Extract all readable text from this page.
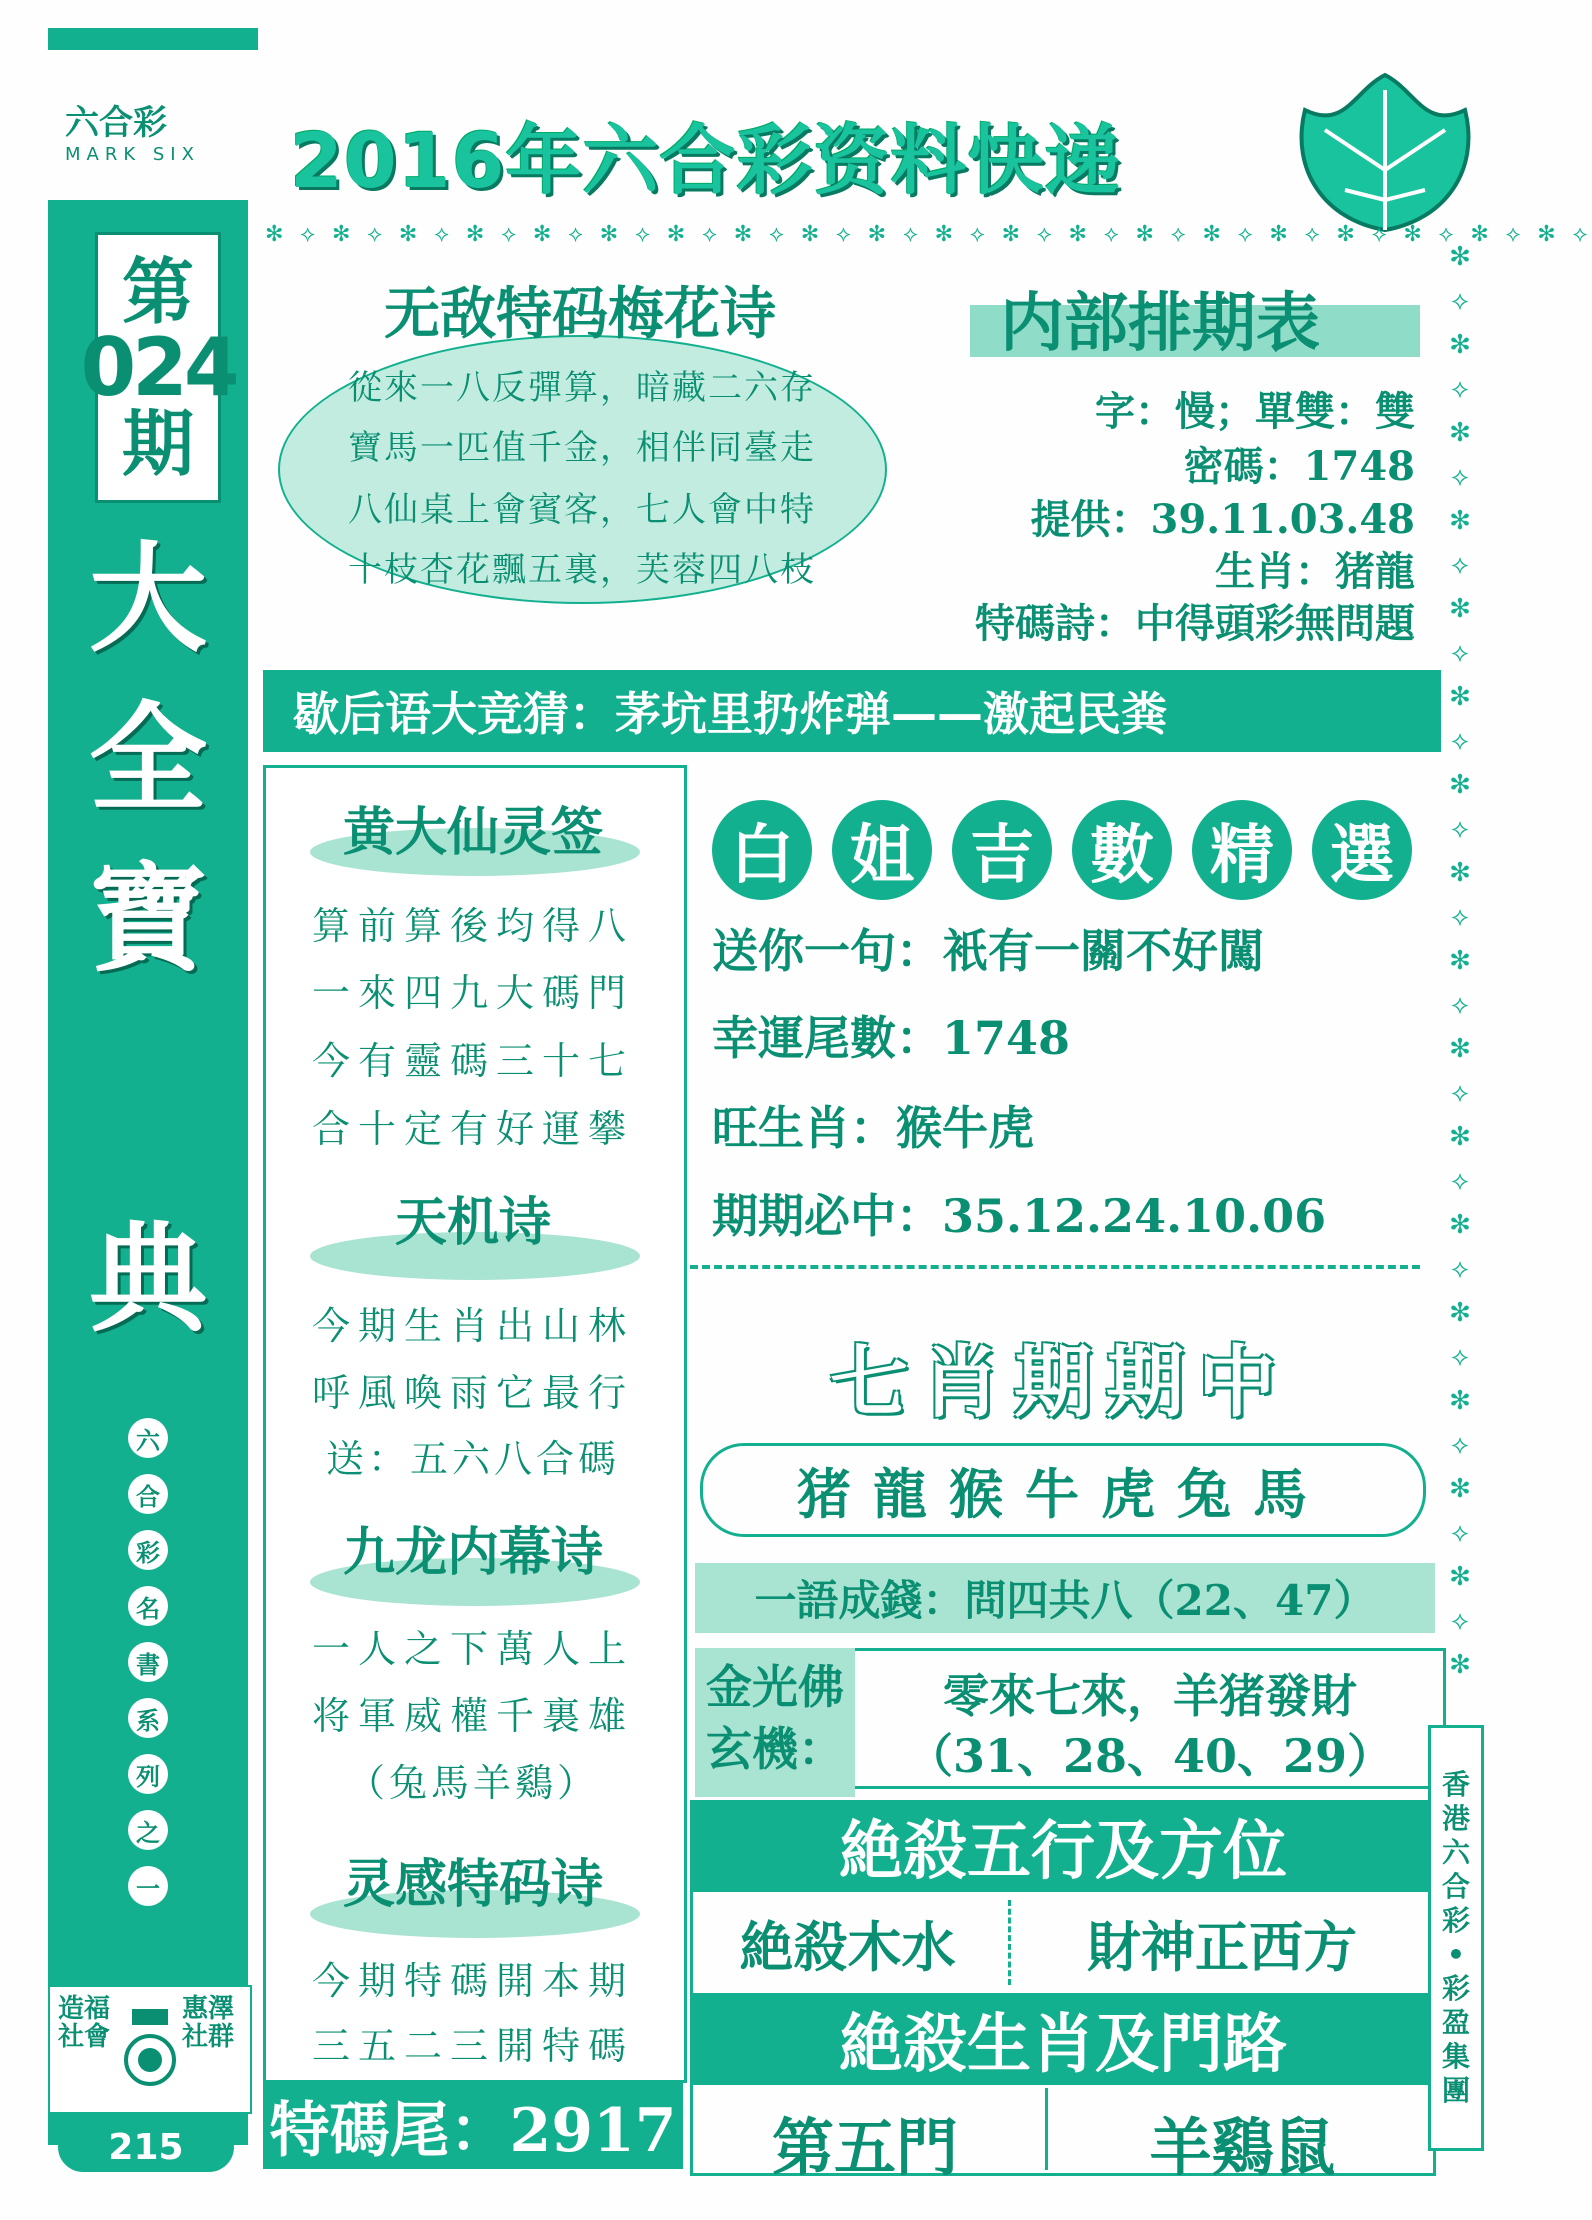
六合彩
MARK SIX
第
024
期
大
全
寶
典
六
合
彩
名
書
系
列
之
一
造福社會
惠澤社群
215
2016年六合彩资料快递
✻ ⟡ ✻ ⟡ ✻ ⟡ ✻ ⟡ ✻ ⟡ ✻ ⟡ ✻ ⟡ ✻ ⟡ ✻ ⟡ ✻ ⟡ ✻ ⟡ ✻ ⟡ ✻ ⟡ ✻ ⟡ ✻ ⟡ ✻ ⟡ ✻ ⟡ ✻ ⟡ ✻ ⟡ ✻ ⟡
✻
⟡
✻
⟡
✻
⟡
✻
⟡
✻
⟡
✻
⟡
✻
⟡
✻
⟡
✻
⟡
✻
⟡
✻
⟡
✻
⟡
✻
⟡
✻
⟡
✻
⟡
✻
⟡
✻
无敌特码梅花诗
從來一八反彈算，暗藏二六存
寶馬一匹值千金，相伴同臺走
八仙桌上會賓客，七人會中特
十枝杏花飄五裏，芙蓉四八枝
内部排期表
字：慢；單雙：雙
密碼：1748
提供：39.11.03.48
生肖：猪龍
特碼詩：中得頭彩無問題
歇后语大竞猜：茅坑里扔炸弹——激起民粪
黄大仙灵签
算前算後均得八
一來四九大碼門
今有靈碼三十七
合十定有好運攀
天机诗
今期生肖出山林
呼風喚雨它最行
送：五六八合碼
九龙内幕诗
一人之下萬人上
将軍威權千裏雄
（兔馬羊鷄）
灵感特码诗
今期特碼開本期
三五二三開特碼
特碼尾：2917
白 姐 吉 數 精 選
送你一句：衹有一關不好闖
幸運尾數：1748
旺生肖：猴牛虎
期期必中：35.12.24.10.06
七肖期期中
猪龍猴牛虎兔馬
一語成錢：問四共八（22、47）
金光佛
玄機：
零來七來，羊猪發財
（31、28、40、29）
絶殺五行及方位
絶殺木水	財神正西方
絶殺生肖及門路
第五門	羊鷄鼠
香
港
六
合
彩
•
彩
盈
集
團
